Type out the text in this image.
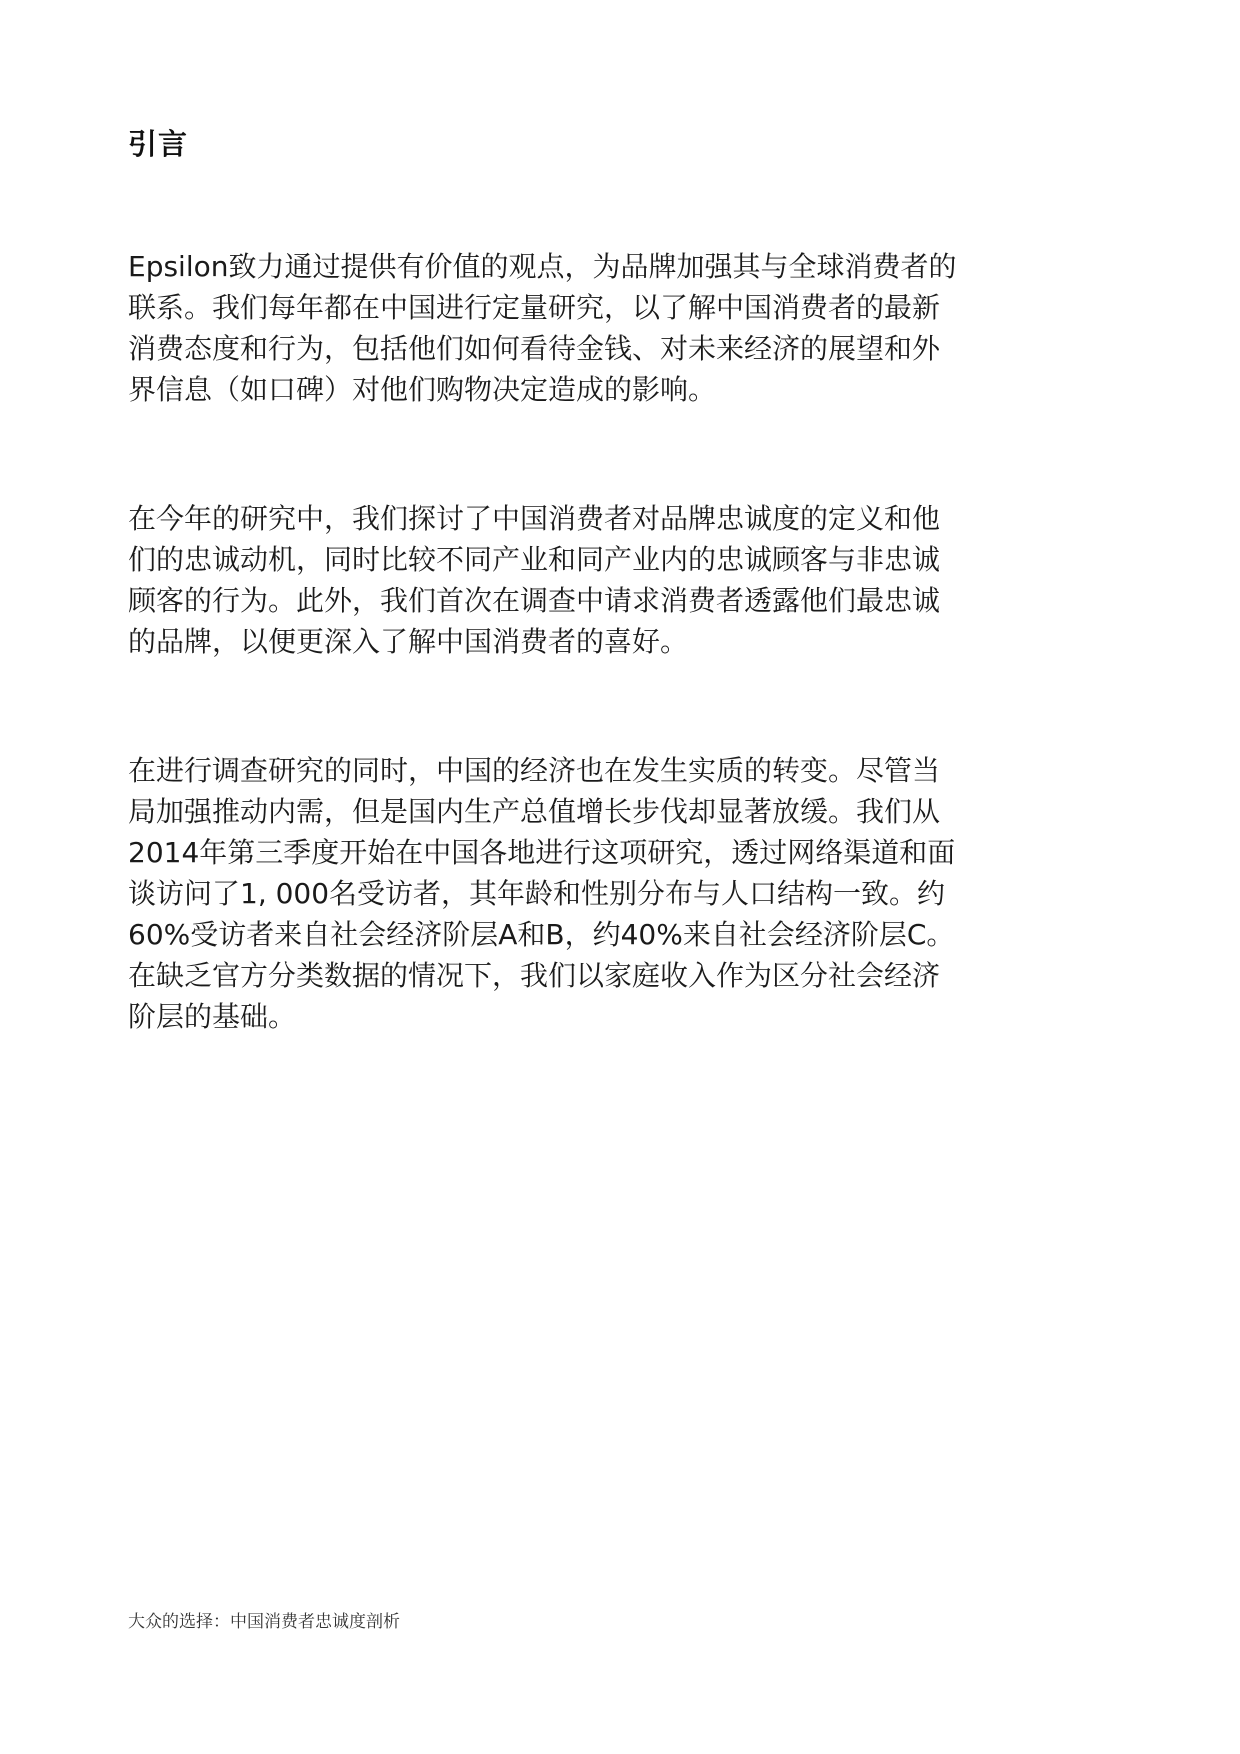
引言

Epsilon致力通过提供有价值的观点，为品牌加强其与全球消费者的联系。我们每年都在中国进行定量研究，以了解中国消费者的最新消费态度和行为，包括他们如何看待金钱、对未来经济的展望和外界信息（如口碑）对他们购物决定造成的影响。

在今年的研究中，我们探讨了中国消费者对品牌忠诚度的定义和他们的忠诚动机，同时比较不同产业和同产业内的忠诚顾客与非忠诚顾客的行为。此外，我们首次在调查中请求消费者透露他们最忠诚的品牌，以便更深入了解中国消费者的喜好。

在进行调查研究的同时，中国的经济也在发生实质的转变。尽管当局加强推动内需，但是国内生产总值增长步伐却显著放缓。我们从2014年第三季度开始在中国各地进行这项研究，透过网络渠道和面谈访问了1, 000名受访者，其年龄和性别分布与人口结构一致。约60%受访者来自社会经济阶层A和B，约40%来自社会经济阶层C。在缺乏官方分类数据的情况下，我们以家庭收入作为区分社会经济阶层的基础。

大众的选择：中国消费者忠诚度剖析
